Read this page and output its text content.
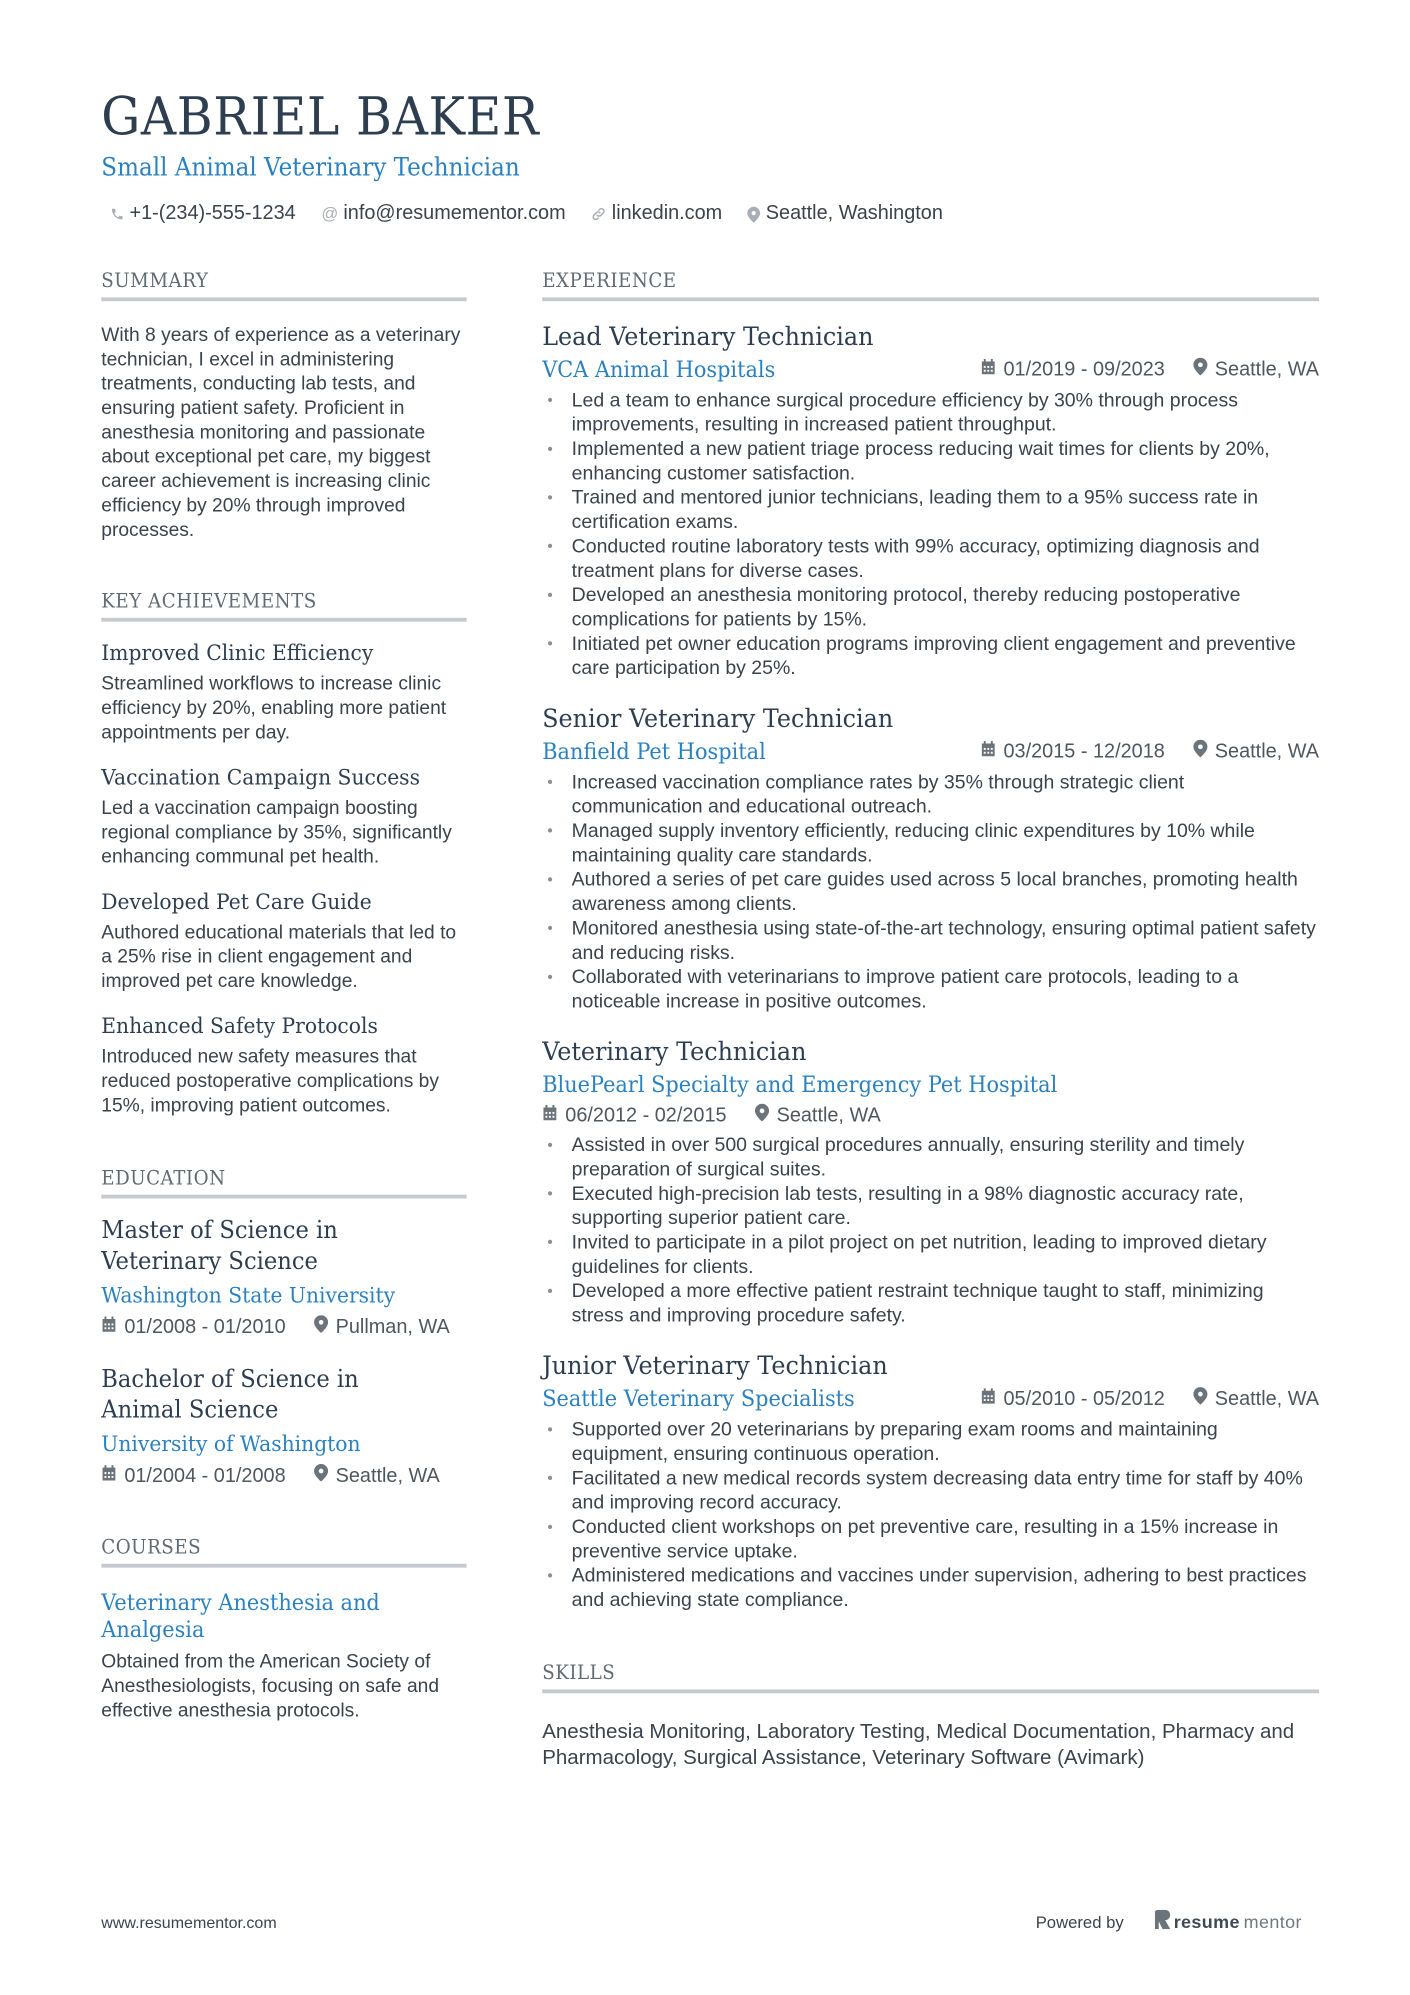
GABRIEL BAKER
Small Animal Veterinary Technician
+1-(234)-555-1234 @ info@resumementor.com	linkedin.com	Seattle, Washington
SUMMARY
With 8 years of experience as a veterinary technician, I excel in administering treatments, conducting lab tests, and ensuring patient safety. Proficient in anesthesia monitoring and passionate about exceptional pet care, my biggest career achievement is increasing clinic efficiency by 20% through improved processes.
KEY ACHIEVEMENTS
Improved Clinic Efficiency
Streamlined workflows to increase clinic efficiency by 20%, enabling more patient appointments per day.
Vaccination Campaign Success
Led a vaccination campaign boosting regional compliance by 35%, significantly enhancing communal pet health.
Developed Pet Care Guide
Authored educational materials that led to a 25% rise in client engagement and improved pet care knowledge.
Enhanced Safety Protocols
Introduced new safety measures that reduced postoperative complications by 15%, improving patient outcomes.
EDUCATION
Master of Science in
Veterinary Science
Washington State University
01/2008 - 01/2010	Pullman, WA
Bachelor of Science in
Animal Science
University of Washington
01/2004 - 01/2008	Seattle, WA
COURSES
Veterinary Anesthesia and
Analgesia
Obtained from the American Society of Anesthesiologists, focusing on safe and effective anesthesia protocols.
EXPERIENCE
Lead Veterinary Technician
VCA Animal Hospitals	01/2019 - 09/2023	Seattle, WA
• Led a team to enhance surgical procedure efficiency by 30% through process improvements, resulting in increased patient throughput.
• Implemented a new patient triage process reducing wait times for clients by 20%, enhancing customer satisfaction.
• Trained and mentored junior technicians, leading them to a 95% success rate in certification exams.
• Conducted routine laboratory tests with 99% accuracy, optimizing diagnosis and treatment plans for diverse cases.
• Developed an anesthesia monitoring protocol, thereby reducing postoperative complications for patients by 15%.
• Initiated pet owner education programs improving client engagement and preventive care participation by 25%.
Senior Veterinary Technician
Banfield Pet Hospital	03/2015 - 12/2018	Seattle, WA
• Increased vaccination compliance rates by 35% through strategic client communication and educational outreach.
• Managed supply inventory efficiently, reducing clinic expenditures by 10% while maintaining quality care standards.
• Authored a series of pet care guides used across 5 local branches, promoting health awareness among clients.
• Monitored anesthesia using state-of-the-art technology, ensuring optimal patient safety and reducing risks.
• Collaborated with veterinarians to improve patient care protocols, leading to a noticeable increase in positive outcomes.
Veterinary Technician
BluePearl Specialty and Emergency Pet Hospital
06/2012 - 02/2015	Seattle, WA
• Assisted in over 500 surgical procedures annually, ensuring sterility and timely preparation of surgical suites.
• Executed high-precision lab tests, resulting in a 98% diagnostic accuracy rate, supporting superior patient care.
• Invited to participate in a pilot project on pet nutrition, leading to improved dietary guidelines for clients.
• Developed a more effective patient restraint technique taught to staff, minimizing stress and improving procedure safety.
Junior Veterinary Technician
Seattle Veterinary Specialists	05/2010 - 05/2012	Seattle, WA
• Supported over 20 veterinarians by preparing exam rooms and maintaining equipment, ensuring continuous operation.
• Facilitated a new medical records system decreasing data entry time for staff by 40% and improving record accuracy.
• Conducted client workshops on pet preventive care, resulting in a 15% increase in preventive service uptake.
• Administered medications and vaccines under supervision, adhering to best practices and achieving state compliance.
SKILLS
Anesthesia Monitoring, Laboratory Testing, Medical Documentation, Pharmacy and Pharmacology, Surgical Assistance, Veterinary Software (Avimark)
www.resumementor.com	Powered by	resume mentor
